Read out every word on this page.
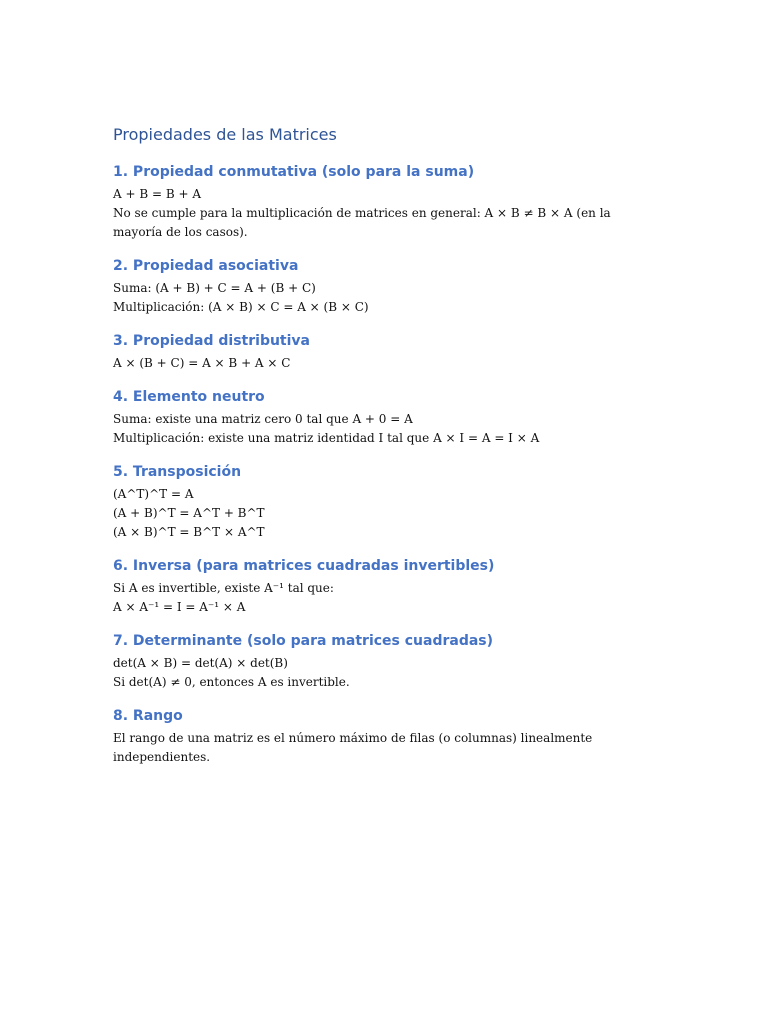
Propiedades de las Matrices
1. Propiedad conmutativa (solo para la suma)

A + B = B + A

No se cumple para la multiplicación de matrices en general: A × B ≠ B × A (en la mayoría de los casos).

2. Propiedad asociativa

Suma: (A + B) + C = A + (B + C)

Multiplicación: (A × B) × C = A × (B × C)

3. Propiedad distributiva

A × (B + C) = A × B + A × C

4. Elemento neutro

Suma: existe una matriz cero 0 tal que A + 0 = A

Multiplicación: existe una matriz identidad I tal que A × I = A = I × A

5. Transposición

(A^T)^T = A

(A + B)^T = A^T + B^T

(A × B)^T = B^T × A^T

6. Inversa (para matrices cuadradas invertibles)

Si A es invertible, existe A⁻¹ tal que:

A × A⁻¹ = I = A⁻¹ × A

7. Determinante (solo para matrices cuadradas)

det(A × B) = det(A) × det(B)

Si det(A) ≠ 0, entonces A es invertible.

8. Rango

El rango de una matriz es el número máximo de filas (o columnas) linealmente independientes.
